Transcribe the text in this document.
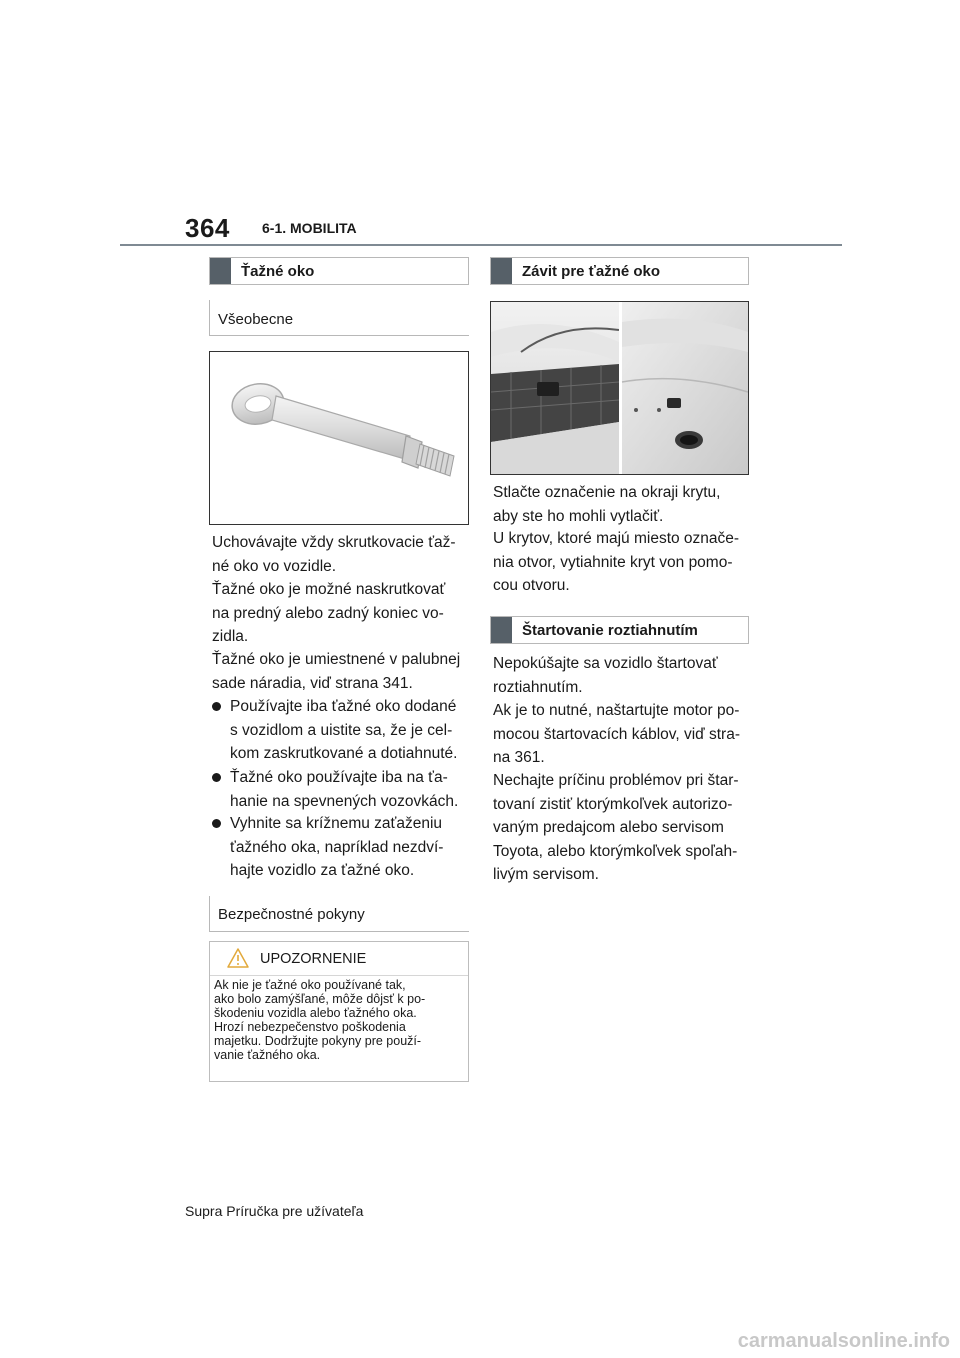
364 6-1. MOBILITA
Ťažné oko
Všeobecne

Uchovávajte vždy skrutkovacie ťaž-
né oko vo vozidle.

Ťažné oko je možné naskrutkovať
na predný alebo zadný koniec vo-
zidla.

Ťažné oko je umiestnené v palubnej
sade náradia, viď strana 341.

Používajte iba ťažné oko dodané
s vozidlom a uistite sa, že je cel-
kom zaskrutkované a dotiahnuté.
Ťažné oko používajte iba na ťa-
hanie na spevnených vozovkách.
Vyhnite sa krížnemu zaťaženiu
ťažného oka, napríklad nezdví-
hajte vozidlo za ťažné oko.
Bezpečnostné pokyny
UPOZORNENIE

Ak nie je ťažné oko používané tak,
ako bolo zamýšľané, môže dôjsť k po-
škodeniu vozidla alebo ťažného oka.
Hrozí nebezpečenstvo poškodenia
majetku. Dodržujte pokyny pre použí-
vanie ťažného oka.

Závit pre ťažné oko

Stlačte označenie na okraji krytu,
aby ste ho mohli vytlačiť.

U krytov, ktoré majú miesto označe-
nia otvor, vytiahnite kryt von pomo-
cou otvoru.

Štartovanie roztiahnutím

Nepokúšajte sa vozidlo štartovať
roztiahnutím.

Ak je to nutné, naštartujte motor po-
mocou štartovacích káblov, viď stra-
na 361.

Nechajte príčinu problémov pri štar-
tovaní zistiť ktorýmkoľvek autorizo-
vaným predajcom alebo servisom
Toyota, alebo ktorýmkoľvek spoľah-
livým servisom.

Supra Príručka pre užívateľa
carmanualsonline.info
